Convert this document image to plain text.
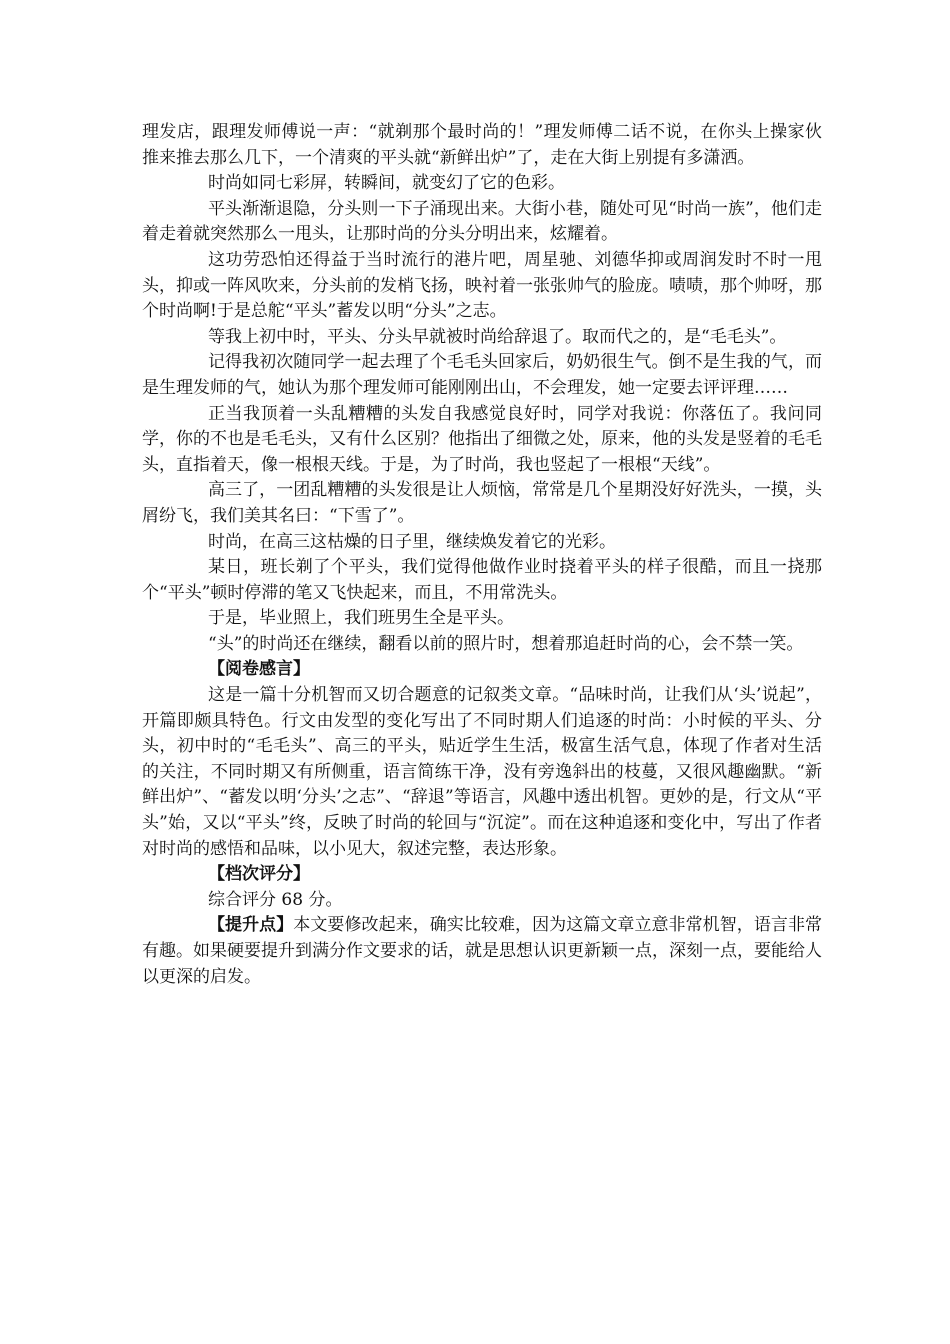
理发店，跟理发师傅说一声：“就剃那个最时尚的！”理发师傅二话不说，在你头上操家伙推来推去那么几下，一个清爽的平头就“新鲜出炉”了，走在大街上别提有多潇洒。

时尚如同七彩屏，转瞬间，就变幻了它的色彩。

平头渐渐退隐，分头则一下子涌现出来。大街小巷，随处可见“时尚一族”，他们走着走着就突然那么一甩头，让那时尚的分头分明出来，炫耀着。

这功劳恐怕还得益于当时流行的港片吧，周星驰、刘德华抑或周润发时不时一甩头，抑或一阵风吹来，分头前的发梢飞扬，映衬着一张张帅气的脸庞。啧啧，那个帅呀，那个时尚啊!于是总舵“平头”蓄发以明“分头”之志。

等我上初中时，平头、分头早就被时尚给辞退了。取而代之的，是“毛毛头”。

记得我初次随同学一起去理了个毛毛头回家后，奶奶很生气。倒不是生我的气，而是生理发师的气，她认为那个理发师可能刚刚出山，不会理发，她一定要去评评理……

正当我顶着一头乱糟糟的头发自我感觉良好时，同学对我说：你落伍了。我问同学，你的不也是毛毛头，又有什么区别？他指出了细微之处，原来，他的头发是竖着的毛毛头，直指着天，像一根根天线。于是，为了时尚，我也竖起了一根根“天线”。

高三了，一团乱糟糟的头发很是让人烦恼，常常是几个星期没好好洗头，一摸，头屑纷飞，我们美其名曰：“下雪了”。

时尚，在高三这枯燥的日子里，继续焕发着它的光彩。

某日，班长剃了个平头，我们觉得他做作业时挠着平头的样子很酷，而且一挠那个“平头”顿时停滞的笔又飞快起来，而且，不用常洗头。

于是，毕业照上，我们班男生全是平头。

“头”的时尚还在继续，翻看以前的照片时，想着那追赶时尚的心，会不禁一笑。

【阅卷感言】

这是一篇十分机智而又切合题意的记叙类文章。“品味时尚，让我们从‘头’说起”，开篇即颇具特色。行文由发型的变化写出了不同时期人们追逐的时尚：小时候的平头、分头，初中时的“毛毛头”、高三的平头，贴近学生生活，极富生活气息，体现了作者对生活的关注，不同时期又有所侧重，语言简练干净，没有旁逸斜出的枝蔓，又很风趣幽默。“新鲜出炉”、“蓄发以明‘分头’之志”、“辞退”等语言，风趣中透出机智。更妙的是，行文从“平头”始，又以“平头”终，反映了时尚的轮回与“沉淀”。而在这种追逐和变化中，写出了作者对时尚的感悟和品味，以小见大，叙述完整，表达形象。

【档次评分】

综合评分 68 分。

【提升点】本文要修改起来，确实比较难，因为这篇文章立意非常机智，语言非常有趣。如果硬要提升到满分作文要求的话，就是思想认识更新颖一点，深刻一点，要能给人以更深的启发。
